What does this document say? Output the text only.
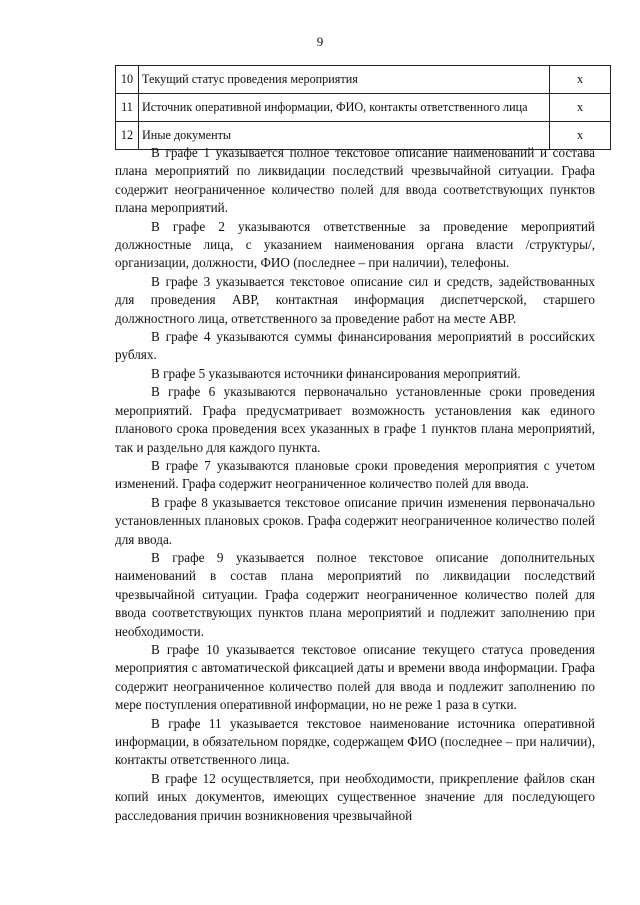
9
10	Текущий статус проведения мероприятия	x
11	Источник оперативной информации, ФИО, контакты ответственного лица	x
12	Иные документы	x

В графе 1 указывается полное текстовое описание наименований и состава плана мероприятий по ликвидации последствий чрезвычайной ситуации. Графа содержит неограниченное количество полей для ввода соответствующих пунктов плана мероприятий.

В графе 2 указываются ответственные за проведение мероприятий должностные лица, с указанием наименования органа власти /структуры/, организации, должности, ФИО (последнее – при наличии), телефоны.

В графе 3 указывается текстовое описание сил и средств, задействованных для проведения АВР, контактная информация диспетчерской, старшего должностного лица, ответственного за проведение работ на месте АВР.

В графе 4 указываются суммы финансирования мероприятий в российских рублях.

В графе 5 указываются источники финансирования мероприятий.

В графе 6 указываются первоначально установленные сроки проведения мероприятий. Графа предусматривает возможность установления как единого планового срока проведения всех указанных в графе 1 пунктов плана мероприятий, так и раздельно для каждого пункта.

В графе 7 указываются плановые сроки проведения мероприятия с учетом изменений. Графа содержит неограниченное количество полей для ввода.

В графе 8 указывается текстовое описание причин изменения первоначально установленных плановых сроков. Графа содержит неограниченное количество полей для ввода.

В графе 9 указывается полное текстовое описание дополнительных наименований в состав плана мероприятий по ликвидации последствий чрезвычайной ситуации. Графа содержит неограниченное количество полей для ввода соответствующих пунктов плана мероприятий и подлежит заполнению при необходимости.

В графе 10 указывается текстовое описание текущего статуса проведения мероприятия с автоматической фиксацией даты и времени ввода информации. Графа содержит неограниченное количество полей для ввода и подлежит заполнению по мере поступления оперативной информации, но не реже 1 раза в сутки.

В графе 11 указывается текстовое наименование источника оперативной информации, в обязательном порядке, содержащем ФИО (последнее – при наличии), контакты ответственного лица.

В графе 12 осуществляется, при необходимости, прикрепление файлов скан копий иных документов, имеющих существенное значение для последующего расследования причин возникновения чрезвычайной
